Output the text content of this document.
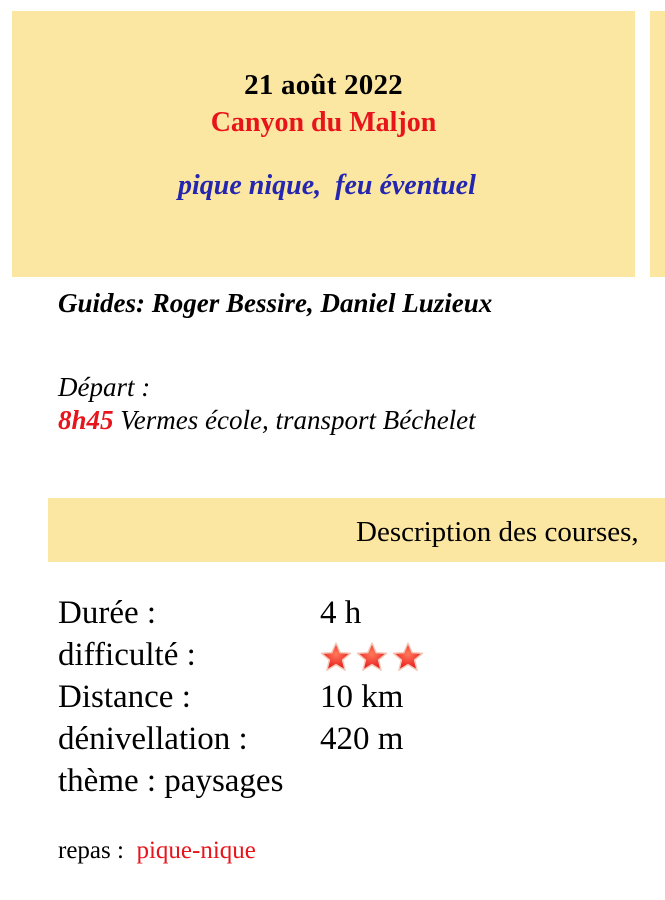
21 août 2022
Canyon du Maljon
pique nique,  feu éventuel
Guides: Roger Bessire, Daniel Luzieux
Départ :
8h45 Vermes école, transport Béchelet
Description des courses,
Durée :	4 h
difficulté :
Distance :	10 km
dénivellation : 420 m
thème : paysages
repas :  pique-nique
